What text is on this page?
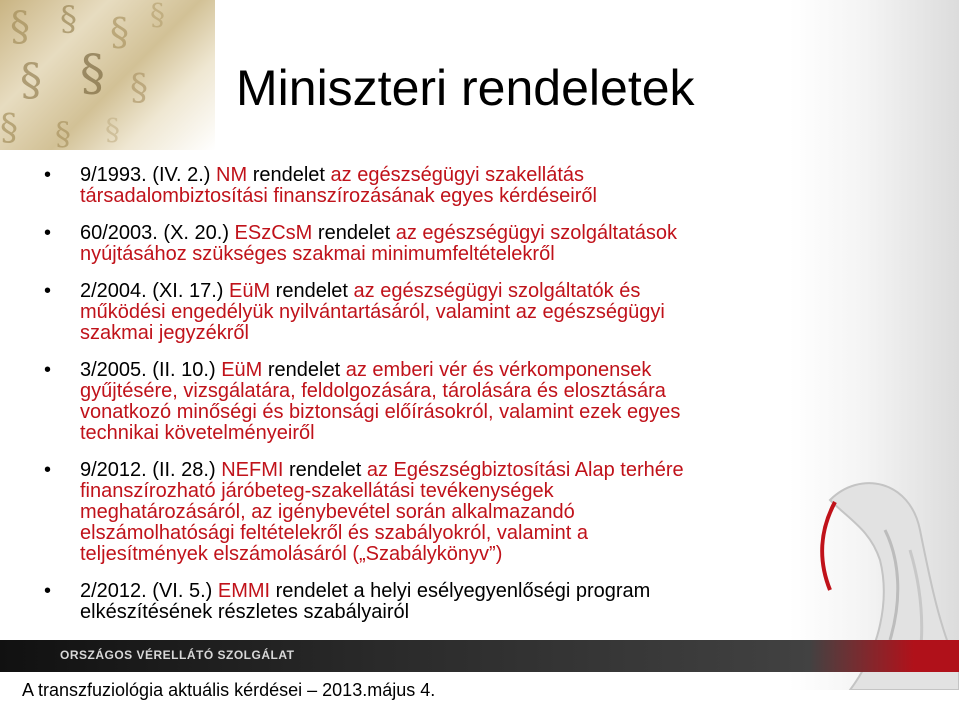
§ § § §
§ § §
§ § §
Miniszteri rendeletek
• 9/1993. (IV. 2.) NM rendelet az egészségügyi szakellátás
társadalombiztosítási finanszírozásának egyes kérdéseiről
• 60/2003. (X. 20.) ESzCsM rendelet az egészségügyi szolgáltatások
nyújtásához szükséges szakmai minimumfeltételekről
• 2/2004. (XI. 17.) EüM rendelet az egészségügyi szolgáltatók és
működési engedélyük nyilvántartásáról, valamint az egészségügyi
szakmai jegyzékről
• 3/2005. (II. 10.) EüM rendelet az emberi vér és vérkomponensek
gyűjtésére, vizsgálatára, feldolgozására, tárolására és elosztására
vonatkozó minőségi és biztonsági előírásokról, valamint ezek egyes
technikai követelményeiről
• 9/2012. (II. 28.) NEFMI rendelet az Egészségbiztosítási Alap terhére
finanszírozható járóbeteg-szakellátási tevékenységek
meghatározásáról, az igénybevétel során alkalmazandó
elszámolhatósági feltételekről és szabályokról, valamint a
teljesítmények elszámolásáról („Szabálykönyv”)
• 2/2012. (VI. 5.) EMMI rendelet a helyi esélyegyenlőségi program
elkészítésének részletes szabályairól
ORSZÁGOS VÉRELLÁTÓ SZOLGÁLAT
A transzfuziológia aktuális kérdései – 2013.május 4.
